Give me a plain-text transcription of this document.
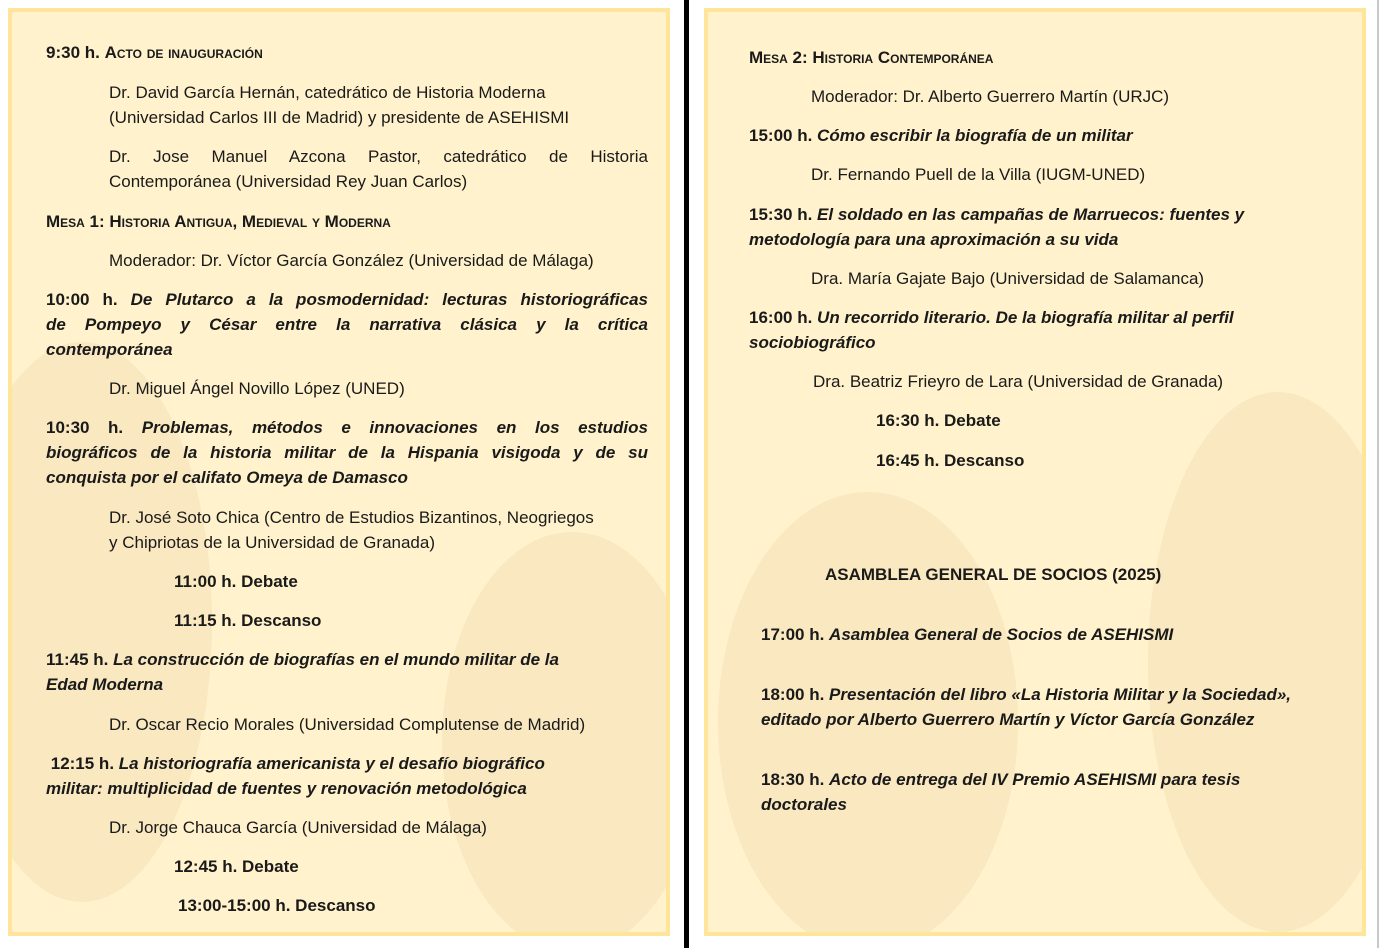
9:30 h. Acto de inauguración
Dr. David García Hernán, catedrático de Historia Moderna
(Universidad Carlos III de Madrid) y presidente de ASEHISMI
Dr. Jose Manuel Azcona Pastor, catedrático de Historia
Contemporánea (Universidad Rey Juan Carlos)
Mesa 1: Historia Antigua, Medieval y Moderna
Moderador: Dr. Víctor García González (Universidad de Málaga)
10:00 h. De Plutarco a la posmodernidad: lecturas historiográficas
de Pompeyo y César entre la narrativa clásica y la crítica
contemporánea
Dr. Miguel Ángel Novillo López (UNED)
10:30 h. Problemas, métodos e innovaciones en los estudios
biográficos de la historia militar de la Hispania visigoda y de su
conquista por el califato Omeya de Damasco
Dr. José Soto Chica (Centro de Estudios Bizantinos, Neogriegos
y Chipriotas de la Universidad de Granada)
11:00 h. Debate
11:15 h. Descanso
11:45 h. La construcción de biografías en el mundo militar de la
Edad Moderna
Dr. Oscar Recio Morales (Universidad Complutense de Madrid)
12:15 h. La historiografía americanista y el desafío biográfico
militar: multiplicidad de fuentes y renovación metodológica
Dr. Jorge Chauca García (Universidad de Málaga)
12:45 h. Debate
13:00-15:00 h. Descanso
Mesa 2: Historia Contemporánea
Moderador: Dr. Alberto Guerrero Martín (URJC)
15:00 h. Cómo escribir la biografía de un militar
Dr. Fernando Puell de la Villa (IUGM-UNED)
15:30 h. El soldado en las campañas de Marruecos: fuentes y
metodología para una aproximación a su vida
Dra. María Gajate Bajo (Universidad de Salamanca)
16:00 h. Un recorrido literario. De la biografía militar al perfil
sociobiográfico
Dra. Beatriz Frieyro de Lara (Universidad de Granada)
16:30 h. Debate
16:45 h. Descanso
ASAMBLEA GENERAL DE SOCIOS (2025)
17:00 h. Asamblea General de Socios de ASEHISMI
18:00 h. Presentación del libro «La Historia Militar y la Sociedad»,
editado por Alberto Guerrero Martín y Víctor García González
18:30 h. Acto de entrega del IV Premio ASEHISMI para tesis
doctorales
